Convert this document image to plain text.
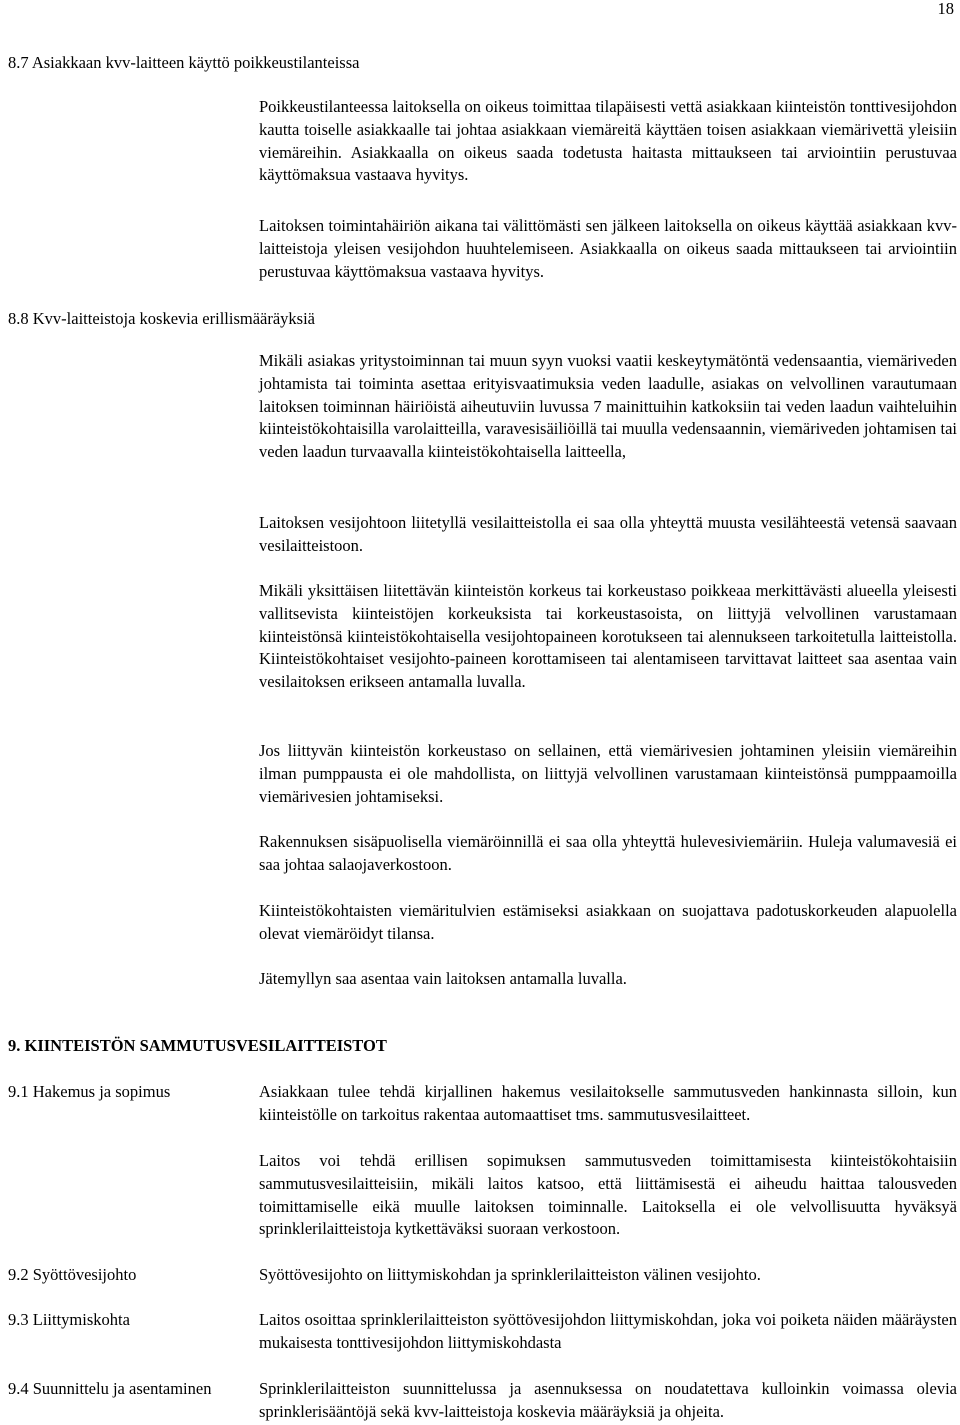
18
8.7 Asiakkaan kvv-laitteen käyttö poikkeustilanteissa
Poikkeustilanteessa laitoksella on oikeus toimittaa tilapäisesti vettä asiakkaan kiinteistön tonttivesijohdon kautta toiselle asiakkaalle tai johtaa asiakkaan viemäreitä käyttäen toisen asiakkaan viemärivettä yleisiin viemäreihin. Asiakkaalla on oikeus saada todetusta haitasta mittaukseen tai arviointiin perustuvaa käyttömaksua vastaava hyvitys.
Laitoksen toimintahäiriön aikana tai välittömästi sen jälkeen laitoksella on oikeus käyttää asiakkaan kvv-laitteistoja yleisen vesijohdon huuhtelemiseen. Asiakkaalla on oikeus saada mittaukseen tai arviointiin perustuvaa käyttömaksua vastaava hyvitys.
8.8 Kvv-laitteistoja koskevia erillismääräyksiä
Mikäli asiakas yritystoiminnan tai muun syyn vuoksi vaatii keskeytymätöntä vedensaantia, viemäriveden johtamista tai toiminta asettaa erityisvaatimuksia veden laadulle, asiakas on velvollinen varautumaan laitoksen toiminnan häiriöistä aiheutuviin luvussa 7 mainittuihin katkoksiin tai veden laadun vaihteluihin kiinteistökohtaisilla varolaitteilla, varavesisäiliöillä tai muulla vedensaannin, viemäriveden johtamisen tai veden laadun turvaavalla kiinteistökohtaisella laitteella,
Laitoksen vesijohtoon liitetyllä vesilaitteistolla ei saa olla yhteyttä muusta vesilähteestä vetensä saavaan vesilaitteistoon.
Mikäli yksittäisen liitettävän kiinteistön korkeus tai korkeustaso poikkeaa merkittävästi alueella yleisesti vallitsevista kiinteistöjen korkeuksista tai korkeustasoista, on liittyjä velvollinen varustamaan kiinteistönsä kiinteistökohtaisella vesijohtopaineen korotukseen tai alennukseen tarkoitetulla laitteistolla. Kiinteistökohtaiset vesijohto-paineen korottamiseen tai alentamiseen tarvittavat laitteet saa asentaa vain vesilaitoksen erikseen antamalla luvalla.
Jos liittyvän kiinteistön korkeustaso on sellainen, että viemärivesien johtaminen yleisiin viemäreihin ilman pumppausta ei ole mahdollista, on liittyjä velvollinen varustamaan kiinteistönsä pumppaamoilla viemärivesien johtamiseksi.
Rakennuksen sisäpuolisella viemäröinnillä ei saa olla yhteyttä hulevesiviemäriin. Huleja valumavesiä ei saa johtaa salaojaverkostoon.
Kiinteistökohtaisten viemäritulvien estämiseksi asiakkaan on suojattava padotuskorkeuden alapuolella olevat viemäröidyt tilansa.
Jätemyllyn saa asentaa vain laitoksen antamalla luvalla.
9. KIINTEISTÖN SAMMUTUSVESILAITTEISTOT
9.1 Hakemus ja sopimus	Asiakkaan tulee tehdä kirjallinen hakemus vesilaitokselle sammutusveden hankinnasta silloin, kun kiinteistölle on tarkoitus rakentaa automaattiset tms. sammutusvesilaitteet.
Laitos voi tehdä erillisen sopimuksen sammutusveden toimittamisesta kiinteistökohtaisiin sammutusvesilaitteisiin, mikäli laitos katsoo, että liittämisestä ei aiheudu haittaa talousveden toimittamiselle eikä muulle laitoksen toiminnalle. Laitoksella ei ole velvollisuutta hyväksyä sprinklerilaitteistoja kytkettäväksi suoraan verkostoon.
9.2 Syöttövesijohto	Syöttövesijohto on liittymiskohdan ja sprinklerilaitteiston välinen vesijohto.
9.3 Liittymiskohta	Laitos osoittaa sprinklerilaitteiston syöttövesijohdon liittymiskohdan, joka voi poiketa näiden määräysten mukaisesta tonttivesijohdon liittymiskohdasta
9.4 Suunnittelu ja asentaminen	Sprinklerilaitteiston suunnittelussa ja asennuksessa on noudatettava kulloinkin voimassa olevia sprinklerisääntöjä sekä kvv-laitteistoja koskevia määräyksiä ja ohjeita.
